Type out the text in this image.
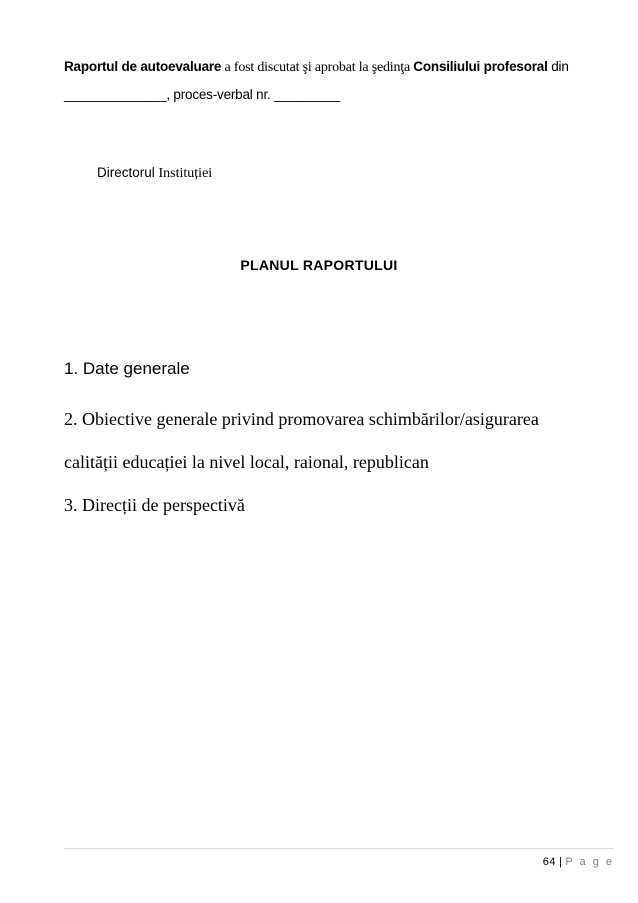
Raportul de autoevaluare a fost discutat şi aprobat la şedinţa Consiliului profesoral din
______________, proces-verbal nr. _________
Directorul Instituției
PLANUL RAPORTULUI
1. Date generale
2. Obiective generale privind promovarea schimbărilor/asigurarea
calității educației la nivel local, raional, republican
3. Direcții de perspectivă
64 | P a g e
